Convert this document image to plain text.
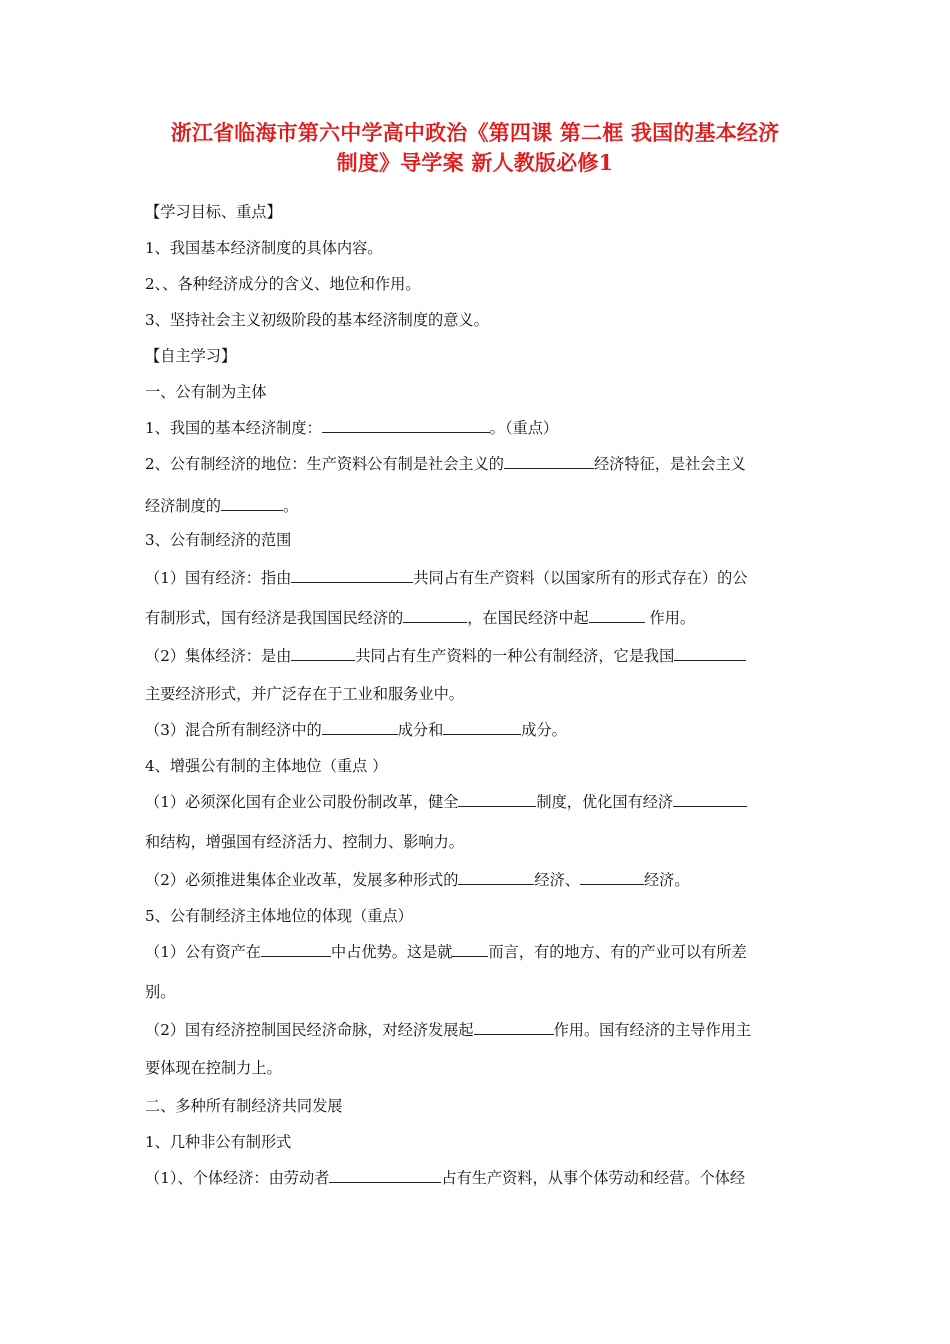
浙江省临海市第六中学高中政治《第四课 第二框 我国的基本经济
制度》导学案 新人教版必修1
【学习目标、重点】
1、我国基本经济制度的具体内容。
2、、各种经济成分的含义、地位和作用。
3、坚持社会主义初级阶段的基本经济制度的意义。
【自主学习】
一、公有制为主体
1、我国的基本经济制度：	。（重点）
2、公有制经济的地位：生产资料公有制是社会主义的	经济特征，是社会主义
经济制度的	。
3、公有制经济的范围
（1）国有经济：指由	共同占有生产资料（以国家所有的形式存在）的公
有制形式，国有经济是我国国民经济的	，在国民经济中起	作用。
（2）集体经济：是由	共同占有生产资料的一种公有制经济，它是我国
主要经济形式，并广泛存在于工业和服务业中。
（3）混合所有制经济中的	成分和	成分。
4、增强公有制的主体地位（重点 ）
（1）必须深化国有企业公司股份制改革，健全	制度，优化国有经济
和结构，增强国有经济活力、控制力、影响力。
（2）必须推进集体企业改革，发展多种形式的	经济、	经济。
5、公有制经济主体地位的体现（重点）
（1）公有资产在	中占优势。这是就 而言，有的地方、有的产业可以有所差
别。
（2）国有经济控制国民经济命脉，对经济发展起	作用。国有经济的主导作用主
要体现在控制力上。
二、多种所有制经济共同发展
1、几种非公有制形式
（1）、个体经济：由劳动者	占有生产资料，从事个体劳动和经营。个体经
